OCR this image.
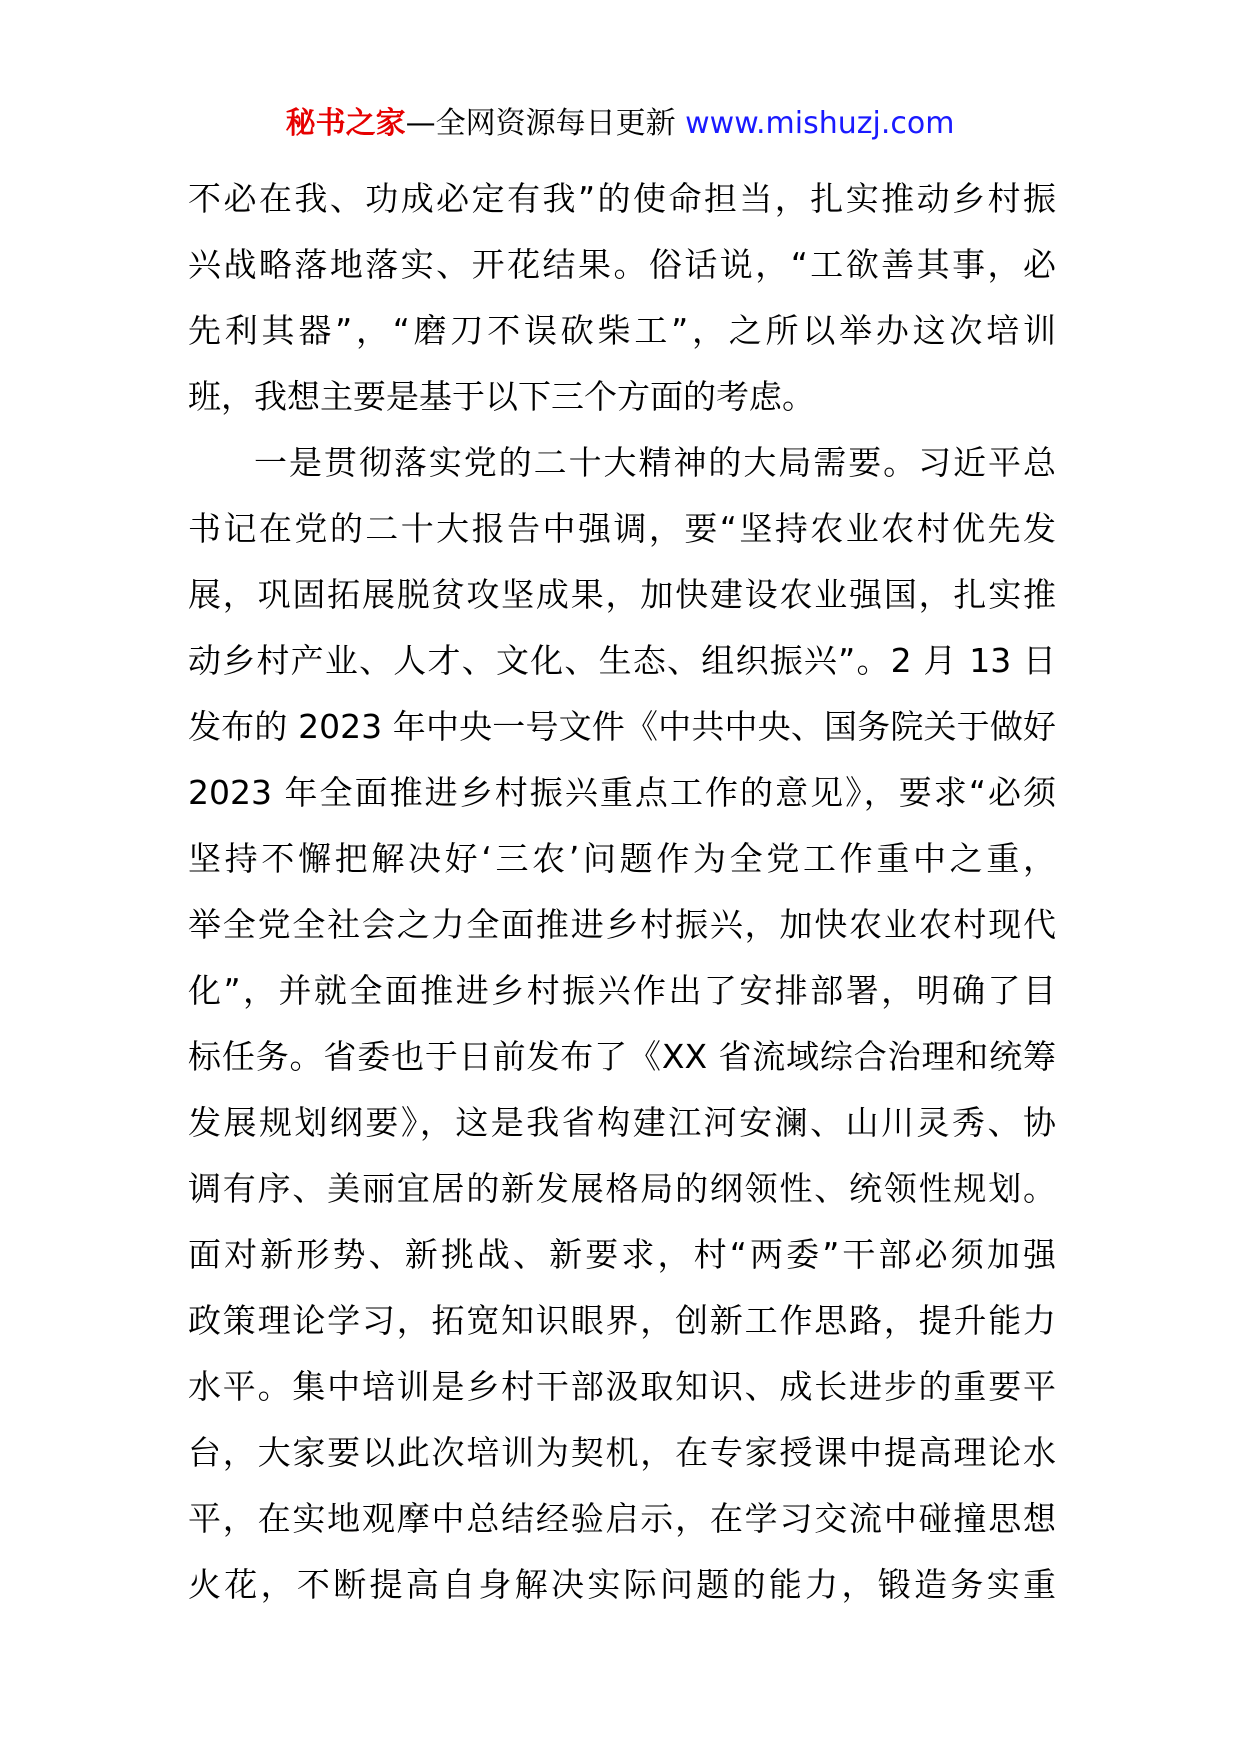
秘书之家—全网资源每日更新 www.mishuzj.com
不必在我、功成必定有我”的使命担当，扎实推动乡村振
兴战略落地落实、开花结果。俗话说，“工欲善其事，必
先利其器”，“磨刀不误砍柴工”，之所以举办这次培训
班，我想主要是基于以下三个方面的考虑。
一是贯彻落实党的二十大精神的大局需要。习近平总
书记在党的二十大报告中强调，要“坚持农业农村优先发
展，巩固拓展脱贫攻坚成果，加快建设农业强国，扎实推
动乡村产业、人才、文化、生态、组织振兴”。2 月 13 日
发布的 2023 年中央一号文件《中共中央、国务院关于做好
2023 年全面推进乡村振兴重点工作的意见》，要求“必须
坚持不懈把解决好‘三农’问题作为全党工作重中之重，
举全党全社会之力全面推进乡村振兴，加快农业农村现代
化”，并就全面推进乡村振兴作出了安排部署，明确了目
标任务。省委也于日前发布了《XX 省流域综合治理和统筹
发展规划纲要》，这是我省构建江河安澜、山川灵秀、协
调有序、美丽宜居的新发展格局的纲领性、统领性规划。
面对新形势、新挑战、新要求，村“两委”干部必须加强
政策理论学习，拓宽知识眼界，创新工作思路，提升能力
水平。集中培训是乡村干部汲取知识、成长进步的重要平
台，大家要以此次培训为契机，在专家授课中提高理论水
平，在实地观摩中总结经验启示，在学习交流中碰撞思想
火花，不断提高自身解决实际问题的能力，锻造务实重
